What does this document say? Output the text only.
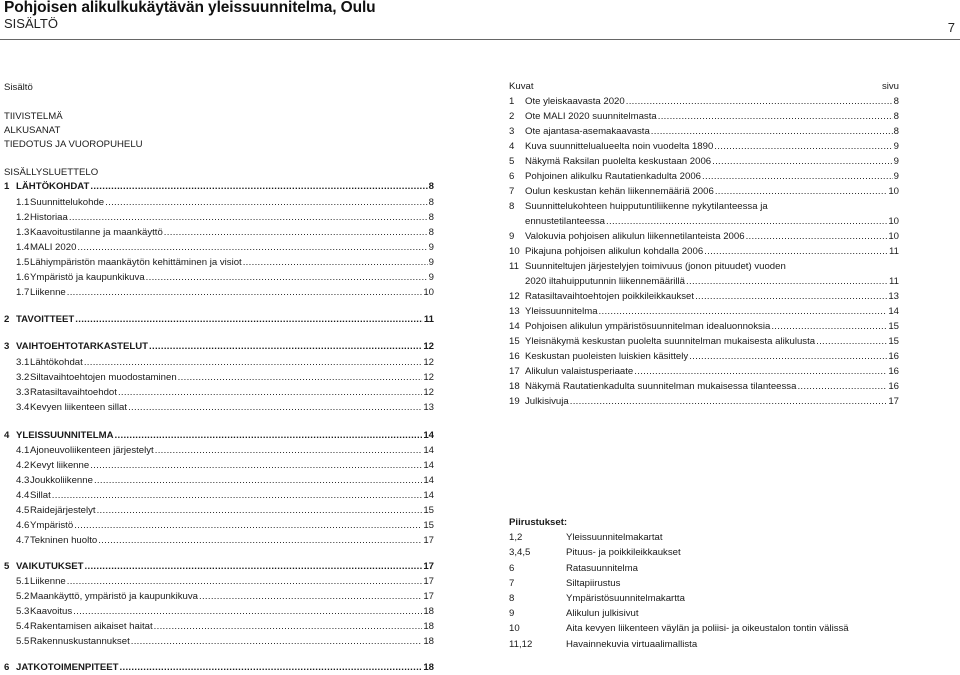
Pohjoisen alikulkukäytävän yleissuunnitelma, Oulu
SISÄLTÖ	7
Sisältö
TIIVISTELMÄ
ALKUSANAT
TIEDOTUS JA VUOROPUHELU
SISÄLLYSLUETTELO
1 LÄHTÖKOHDAT .....	8
1.1Suunnittelukohde .....	8
1.2Historiaa .....	8
1.3Kaavoitustilanne ja maankäyttö .....	8
1.4MALI 2020 .....	9
1.5Lähiympäristön maankäytön kehittäminen ja visiot .....	9
1.6Ympäristö ja kaupunkikuva .....	9
1.7Liikenne .....	10
2 TAVOITTEET .....	11
3 VAIHTOEHTOTARKASTELUT .....	12
3.1Lähtökohdat .....	12
3.2Siltavaihtoehtojen muodostaminen .....	12
3.3Ratasiltavaihtoehdot .....	12
3.4Kevyen liikenteen sillat .....	13
4 YLEISSUUNNITELMA .....	14
4.1Ajoneuvoliikenteen järjestelyt .....	14
4.2Kevyt liikenne .....	14
4.3Joukkoliikenne .....	14
4.4Sillat .....	14
4.5Raidejärjestelyt .....	15
4.6Ympäristö .....	15
4.7Tekninen huolto .....	17
5 VAIKUTUKSET .....	17
5.1Liikenne .....	17
5.2Maankäyttö, ympäristö ja kaupunkikuva .....	17
5.3Kaavoitus .....	18
5.4Rakentamisen aikaiset haitat .....	18
5.5Rakennuskustannukset .....	18
6 JATKOTOIMENPITEET .....	18
Kuvat	sivu
1 Ote yleiskaavasta 2020 .....	8
2 Ote MALI 2020 suunnitelmasta .....	8
3 Ote ajantasa-asemakaavasta .....	8
4 Kuva suunnittelualueelta noin vuodelta 1890 .....	9
5 Näkymä Raksilan puolelta keskustaan 2006 .....	9
6 Pohjoinen alikulku Rautatienkadulta 2006 .....	9
7 Oulun keskustan kehän liikennemääriä 2006 .....	10
8 Suunnittelukohteen huipputuntiliikenne nykytilanteessa ja
ennustetilanteessa .....	10
9 Valokuvia pohjoisen alikulun liikennetilanteista 2006 .....	10
10 Pikajuna pohjoisen alikulun kohdalla 2006 .....	11
11 Suunniteltujen järjestelyjen toimivuus (jonon pituudet) vuoden
2020 iltahuipputunnin liikennemäärillä .....	11
12 Ratasiltavaihtoehtojen poikkileikkaukset .....	13
13 Yleissuunnitelma .....	14
14 Pohjoisen alikulun ympäristösuunnitelman idealuonnoksia .....	15
15 Yleisnäkymä keskustan puolelta suunnitelman mukaisesta alikulusta .....	15
16 Keskustan puoleisten luiskien käsittely .....	16
17 Alikulun valaistusperiaate .....	16
18 Näkymä Rautatienkadulta suunnitelman mukaisessa tilanteessa .....	16
19 Julkisivuja .....	17
Piirustukset:
1,2	Yleissuunnitelmakartat
3,4,5	Pituus- ja poikkileikkaukset
6	Ratasuunnitelma
7	Siltapiirustus
8	Ympäristösuunnitelmakartta
9	Alikulun julkisivut
10	Aita kevyen liikenteen väylän ja poliisi- ja oikeustalon tontin välissä
11,12	Havainnekuvia virtuaalimallista
